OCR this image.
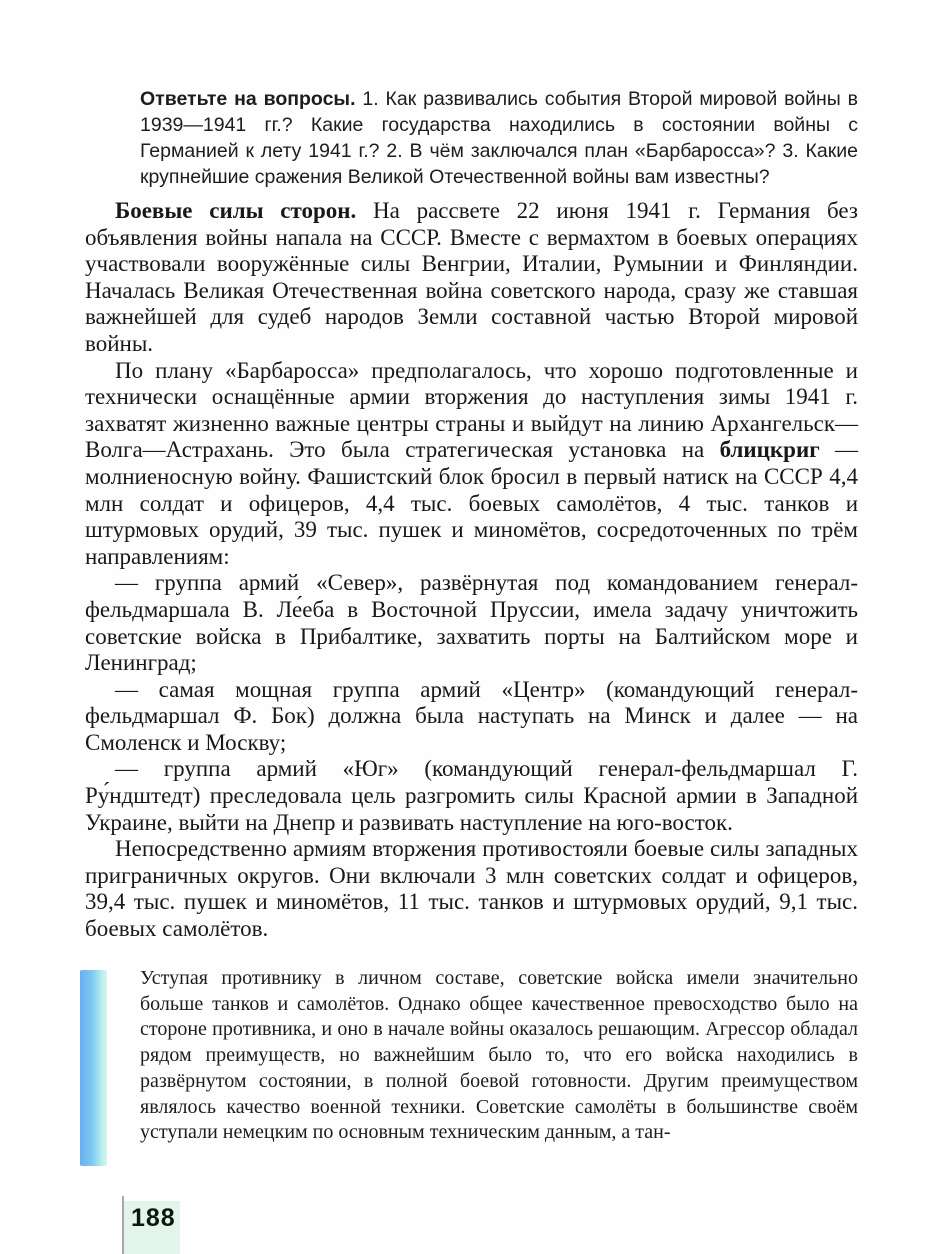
Ответьте на вопросы. 1. Как развивались события Второй мировой войны в 1939—1941 гг.? Какие государства находились в состоянии войны с Германией к лету 1941 г.? 2. В чём заключался план «Барбаросса»? 3. Какие крупнейшие сражения Великой Отечественной войны вам известны?

Боевые силы сторон. На рассвете 22 июня 1941 г. Германия без объявления войны напала на СССР. Вместе с вермахтом в боевых операциях участвовали вооружённые силы Венгрии, Италии, Румынии и Финляндии. Началась Великая Отечественная война советского народа, сразу же ставшая важнейшей для судеб народов Земли составной частью Второй мировой войны.

По плану «Барбаросса» предполагалось, что хорошо подготовленные и технически оснащённые армии вторжения до наступления зимы 1941 г. захватят жизненно важные центры страны и выйдут на линию Архангельск—Волга—Астрахань. Это была стратегическая установка на блицкриг — молниеносную войну. Фашистский блок бросил в первый натиск на СССР 4,4 млн солдат и офицеров, 4,4 тыс. боевых самолётов, 4 тыс. танков и штурмовых орудий, 39 тыс. пушек и миномётов, сосредоточенных по трём направлениям:

— группа армий «Север», развёрнутая под командованием генерал-фельдмаршала В. Ле́еба в Восточной Пруссии, имела задачу уничтожить советские войска в Прибалтике, захватить порты на Балтийском море и Ленинград;

— самая мощная группа армий «Центр» (командующий генерал-фельдмаршал Ф. Бок) должна была наступать на Минск и далее — на Смоленск и Москву;

— группа армий «Юг» (командующий генерал-фельдмаршал Г. Ру́ндштедт) преследовала цель разгромить силы Красной армии в Западной Украине, выйти на Днепр и развивать наступление на юго-восток.

Непосредственно армиям вторжения противостояли боевые силы западных приграничных округов. Они включали 3 млн советских солдат и офицеров, 39,4 тыс. пушек и миномётов, 11 тыс. танков и штурмовых орудий, 9,1 тыс. боевых самолётов.

Уступая противнику в личном составе, советские войска имели значительно больше танков и самолётов. Однако общее качественное превосходство было на стороне противника, и оно в начале войны оказалось решающим. Агрессор обладал рядом преимуществ, но важнейшим было то, что его войска находились в развёрнутом состоянии, в полной боевой готовности. Другим преимуществом являлось качество военной техники. Советские самолёты в большинстве своём уступали немецким по основным техническим данным, а тан-
188
